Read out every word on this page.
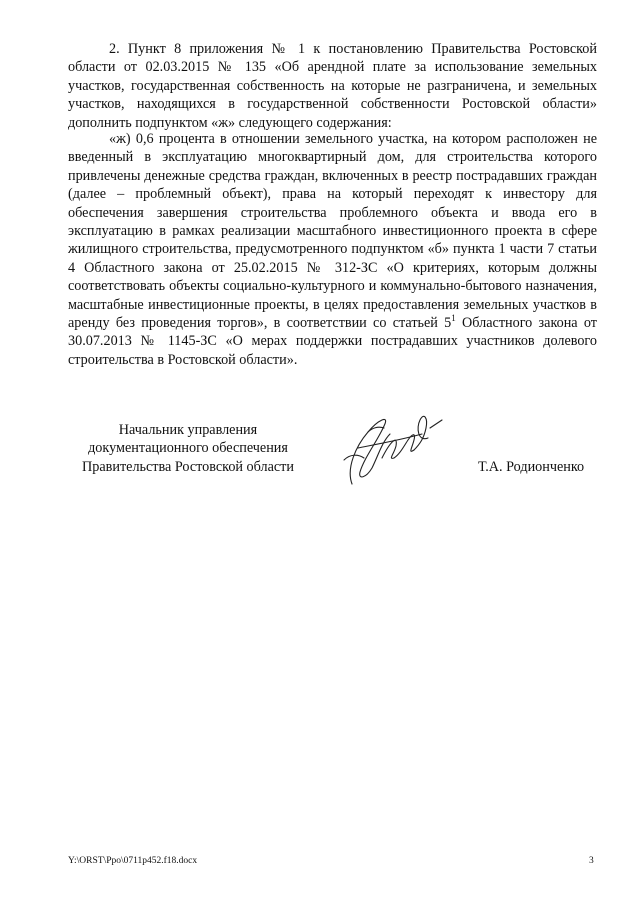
2. Пункт 8 приложения № 1 к постановлению Правительства Ростовской области от 02.03.2015 № 135 «Об арендной плате за использование земельных участков, государственная собственность на которые не разграничена, и земельных участков, находящихся в государственной собственности Ростовской области» дополнить подпунктом «ж» следующего содержания:

«ж) 0,6 процента в отношении земельного участка, на котором расположен не введенный в эксплуатацию многоквартирный дом, для строительства которого привлечены денежные средства граждан, включенных в реестр пострадавших граждан (далее – проблемный объект), права на который переходят к инвестору для обеспечения завершения строительства проблемного объекта и ввода его в эксплуатацию в рамках реализации масштабного инвестиционного проекта в сфере жилищного строительства, предусмотренного подпунктом «б» пункта 1 части 7 статьи 4 Областного закона от 25.02.2015 № 312-ЗС «О критериях, которым должны соответствовать объекты социально-культурного и коммунально-бытового назначения, масштабные инвестиционные проекты, в целях предоставления земельных участков в аренду без проведения торгов», в соответствии со статьей $5^1$ Областного закона от 30.07.2013 № 1145-ЗС «О мерах поддержки пострадавших участников долевого строительства в Ростовской области».

Начальник управления
документационного обеспечения
Правительства Ростовской области	Т.А. Родионченко
Y:\ORST\Ppo\0711p452.f18.docx	3
